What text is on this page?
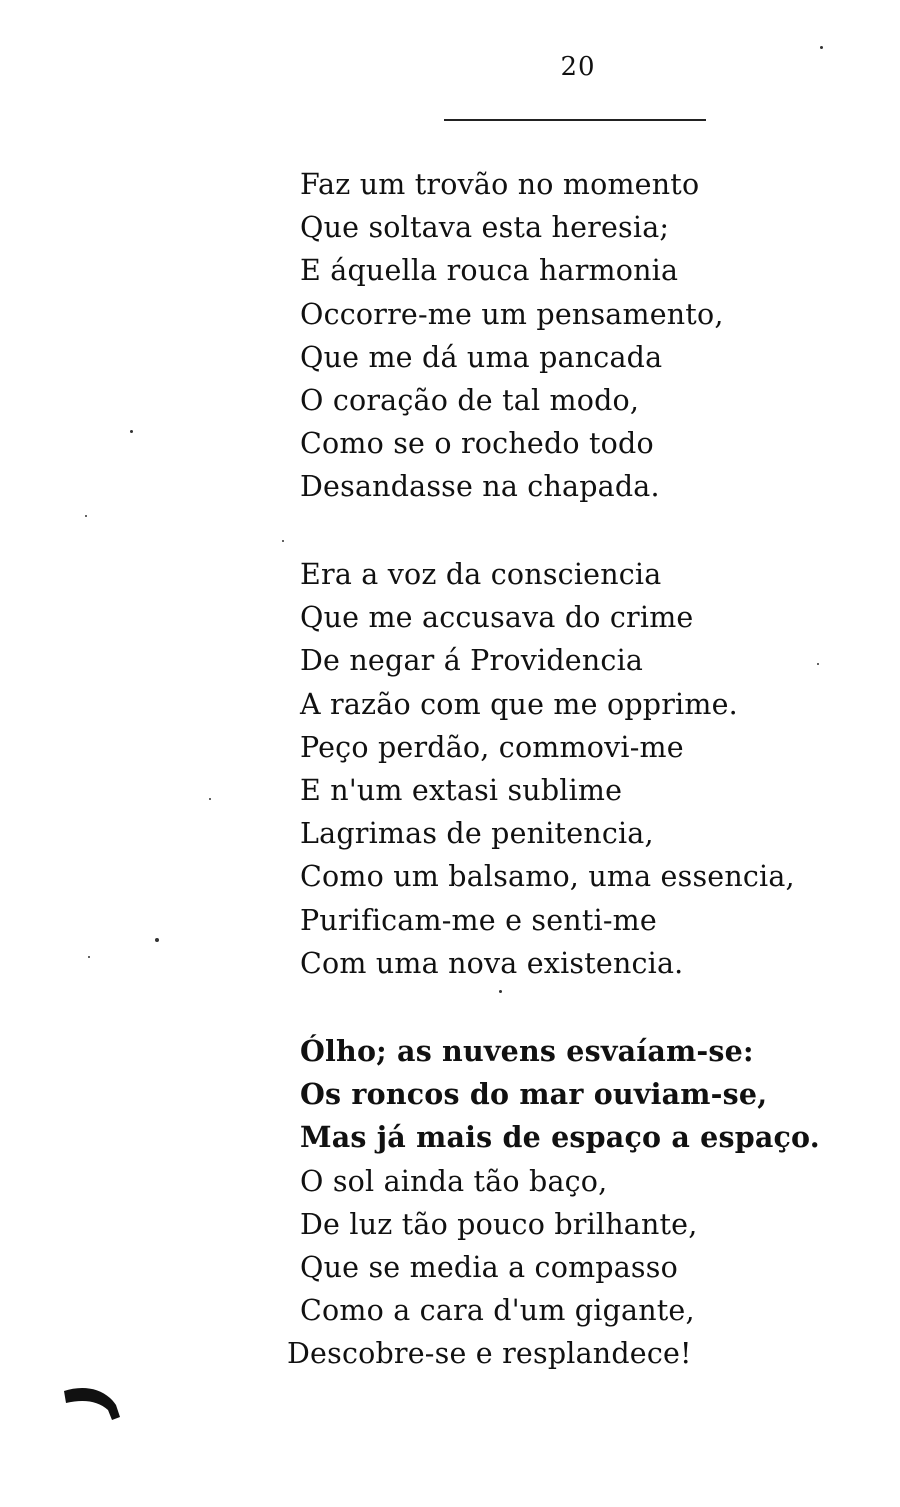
20
Faz um trovão no momento
Que soltava esta heresia;
E áquella rouca harmonia
Occorre-me um pensamento,
Que me dá uma pancada
O coração de tal modo,
Como se o rochedo todo
Desandasse na chapada.
Era a voz da consciencia
Que me accusava do crime
De negar á Providencia
A razão com que me opprime.
Peço perdão, commovi-me
E n'um extasi sublime
Lagrimas de penitencia,
Como um balsamo, uma essencia,
Purificam-me e senti-me
Com uma nova existencia.
Ólho; as nuvens esvaíam-se:
Os roncos do mar ouviam-se,
Mas já mais de espaço a espaço.
O sol ainda tão baço,
De luz tão pouco brilhante,
Que se media a compasso
Como a cara d'um gigante,
Descobre-se e resplandece!
